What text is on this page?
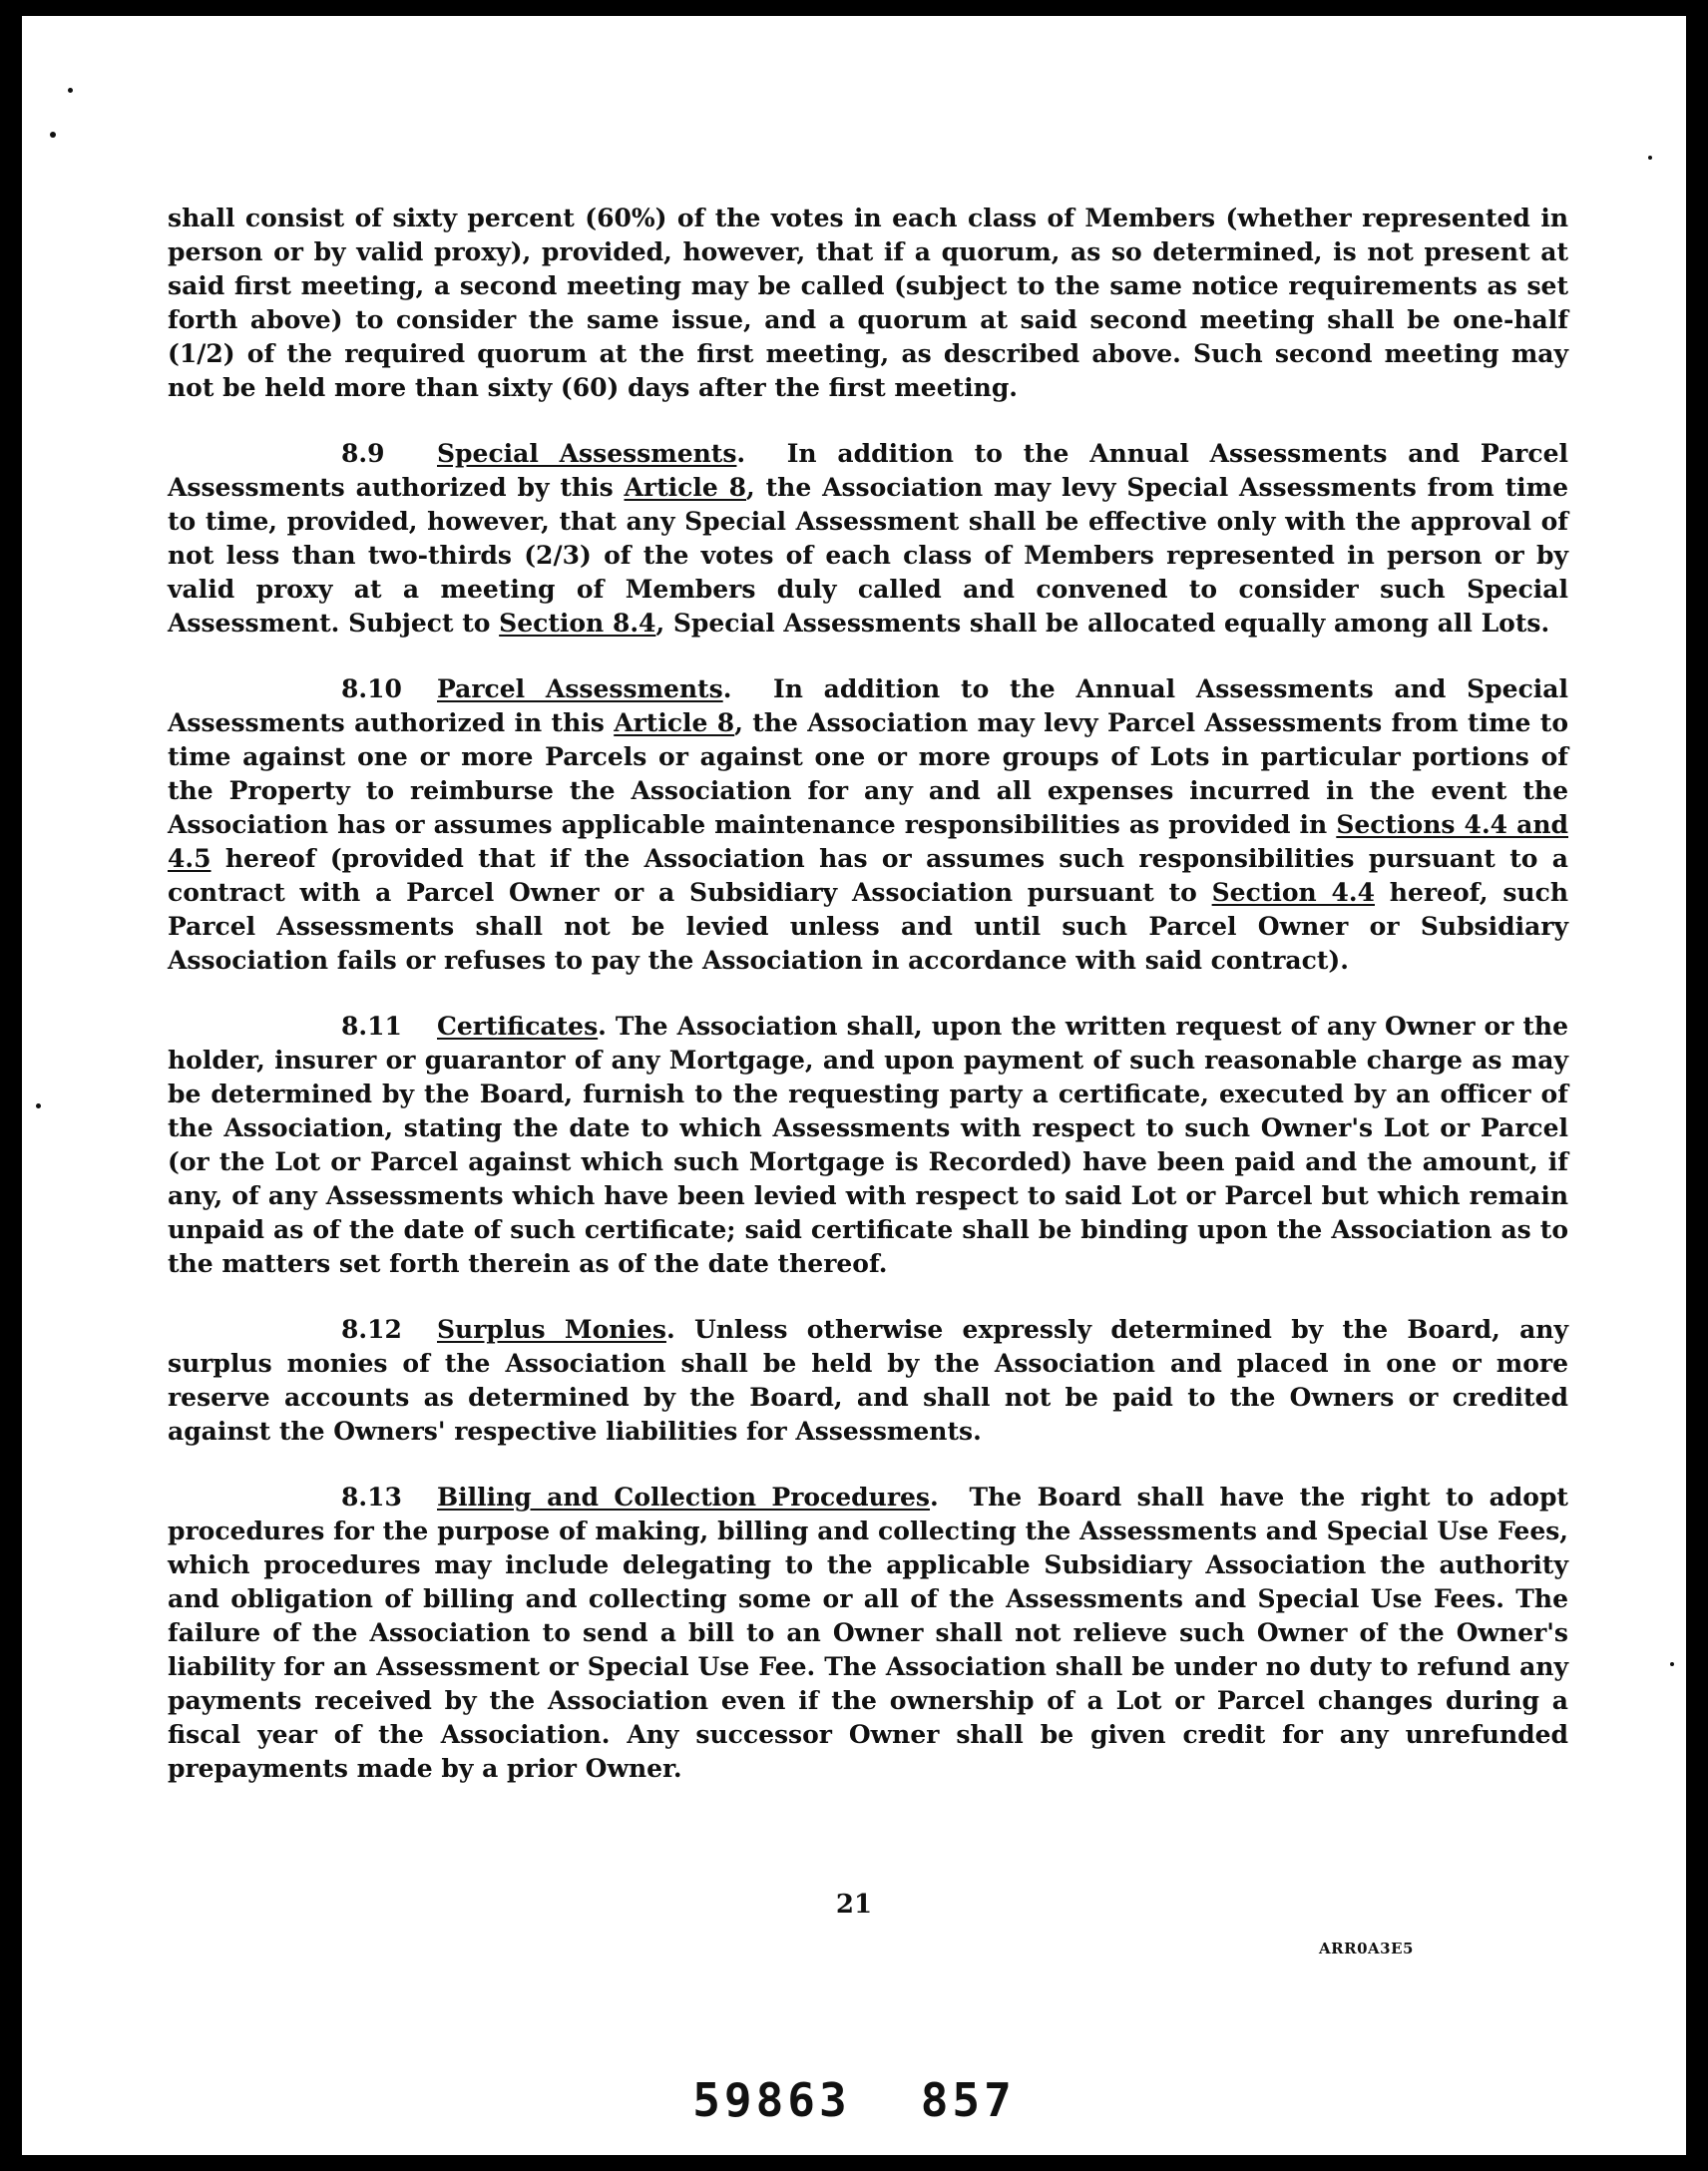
shall consist of sixty percent (60%) of the votes in each class of Members (whether represented in person or by valid proxy), provided, however, that if a quorum, as so determined, is not present at said first meeting, a second meeting may be called (subject to the same notice requirements as set forth above) to consider the same issue, and a quorum at said second meeting shall be one-half (1/2) of the required quorum at the first meeting, as described above. Such second meeting may not be held more than sixty (60) days after the first meeting.

8.9 Special Assessments.  In addition to the Annual Assessments and Parcel Assessments authorized by this Article 8, the Association may levy Special Assessments from time to time, provided, however, that any Special Assessment shall be effective only with the approval of not less than two-thirds (2/3) of the votes of each class of Members represented in person or by valid proxy at a meeting of Members duly called and convened to consider such Special Assessment. Subject to Section 8.4, Special Assessments shall be allocated equally among all Lots.

8.10 Parcel Assessments.  In addition to the Annual Assessments and Special Assessments authorized in this Article 8, the Association may levy Parcel Assessments from time to time against one or more Parcels or against one or more groups of Lots in particular portions of the Property to reimburse the Association for any and all expenses incurred in the event the Association has or assumes applicable maintenance responsibilities as provided in Sections 4.4 and 4.5 hereof (provided that if the Association has or assumes such responsibilities pursuant to a contract with a Parcel Owner or a Subsidiary Association pursuant to Section 4.4 hereof, such Parcel Assessments shall not be levied unless and until such Parcel Owner or Subsidiary Association fails or refuses to pay the Association in accordance with said contract).

8.11 Certificates. The Association shall, upon the written request of any Owner or the holder, insurer or guarantor of any Mortgage, and upon payment of such reasonable charge as may be determined by the Board, furnish to the requesting party a certificate, executed by an officer of the Association, stating the date to which Assessments with respect to such Owner's Lot or Parcel (or the Lot or Parcel against which such Mortgage is Recorded) have been paid and the amount, if any, of any Assessments which have been levied with respect to said Lot or Parcel but which remain unpaid as of the date of such certificate; said certificate shall be binding upon the Association as to the matters set forth therein as of the date thereof.

8.12 Surplus Monies. Unless otherwise expressly determined by the Board, any surplus monies of the Association shall be held by the Association and placed in one or more reserve accounts as determined by the Board, and shall not be paid to the Owners or credited against the Owners' respective liabilities for Assessments.

8.13 Billing and Collection Procedures.  The Board shall have the right to adopt procedures for the purpose of making, billing and collecting the Assessments and Special Use Fees, which procedures may include delegating to the applicable Subsidiary Association the authority and obligation of billing and collecting some or all of the Assessments and Special Use Fees. The failure of the Association to send a bill to an Owner shall not relieve such Owner of the Owner's liability for an Assessment or Special Use Fee. The Association shall be under no duty to refund any payments received by the Association even if the ownership of a Lot or Parcel changes during a fiscal year of the Association. Any successor Owner shall be given credit for any unrefunded prepayments made by a prior Owner.

21
ARR0A3E5
59863 857
